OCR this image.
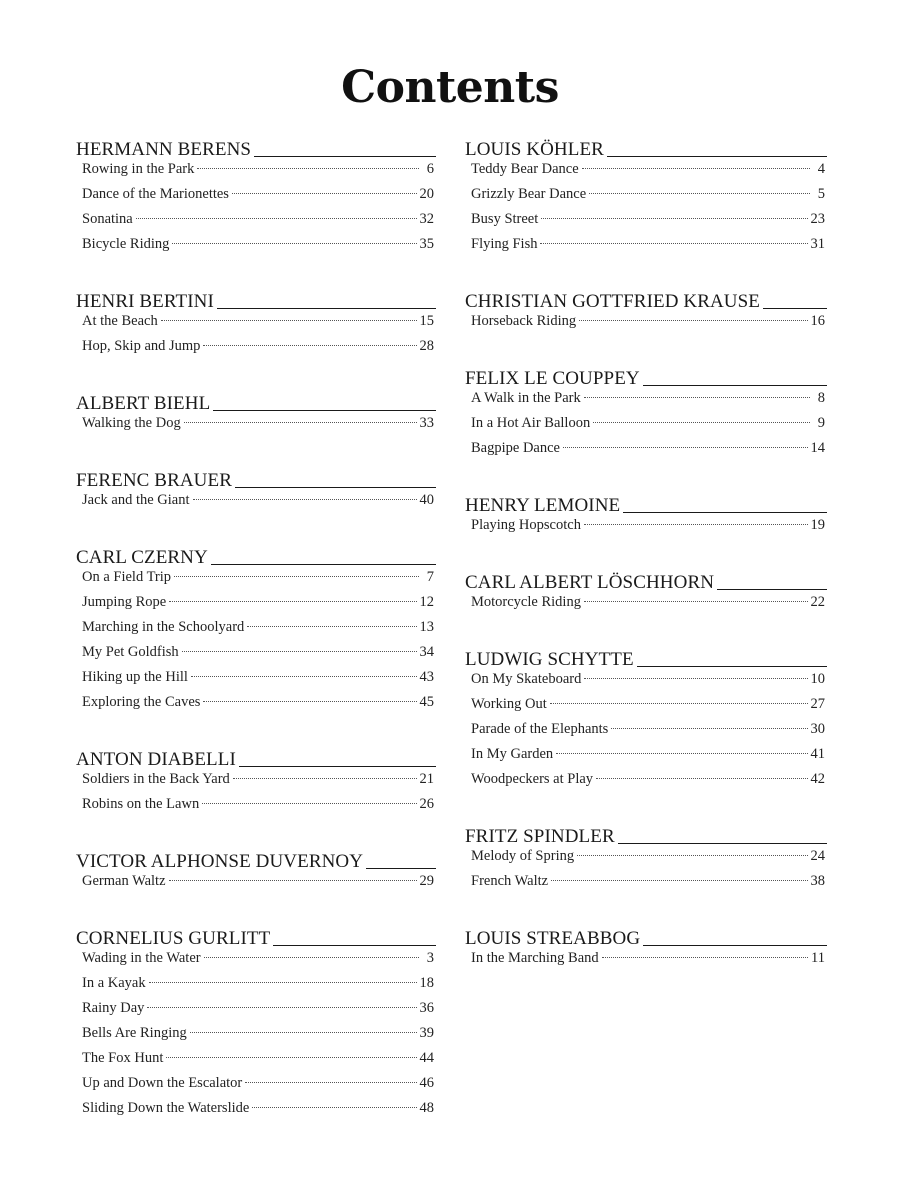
Contents
HERMANN BERENS
Rowing in the Park	6
Dance of the Marionettes	20
Sonatina	32
Bicycle Riding	35
HENRI BERTINI
At the Beach	15
Hop, Skip and Jump	28
ALBERT BIEHL
Walking the Dog	33
FERENC BRAUER
Jack and the Giant	40
CARL CZERNY
On a Field Trip	7
Jumping Rope	12
Marching in the Schoolyard	13
My Pet Goldfish	34
Hiking up the Hill	43
Exploring the Caves	45
ANTON DIABELLI
Soldiers in the Back Yard	21
Robins on the Lawn	26
VICTOR ALPHONSE DUVERNOY
German Waltz	29
CORNELIUS GURLITT
Wading in the Water	3
In a Kayak	18
Rainy Day	36
Bells Are Ringing	39
The Fox Hunt	44
Up and Down the Escalator	46
Sliding Down the Waterslide	48
LOUIS KÖHLER
Teddy Bear Dance	4
Grizzly Bear Dance	5
Busy Street	23
Flying Fish	31
CHRISTIAN GOTTFRIED KRAUSE
Horseback Riding	16
FELIX LE COUPPEY
A Walk in the Park	8
In a Hot Air Balloon	9
Bagpipe Dance	14
HENRY LEMOINE
Playing Hopscotch	19
CARL ALBERT LÖSCHHORN
Motorcycle Riding	22
LUDWIG SCHYTTE
On My Skateboard	10
Working Out	27
Parade of the Elephants	30
In My Garden	41
Woodpeckers at Play	42
FRITZ SPINDLER
Melody of Spring	24
French Waltz	38
LOUIS STREABBOG
In the Marching Band	11
